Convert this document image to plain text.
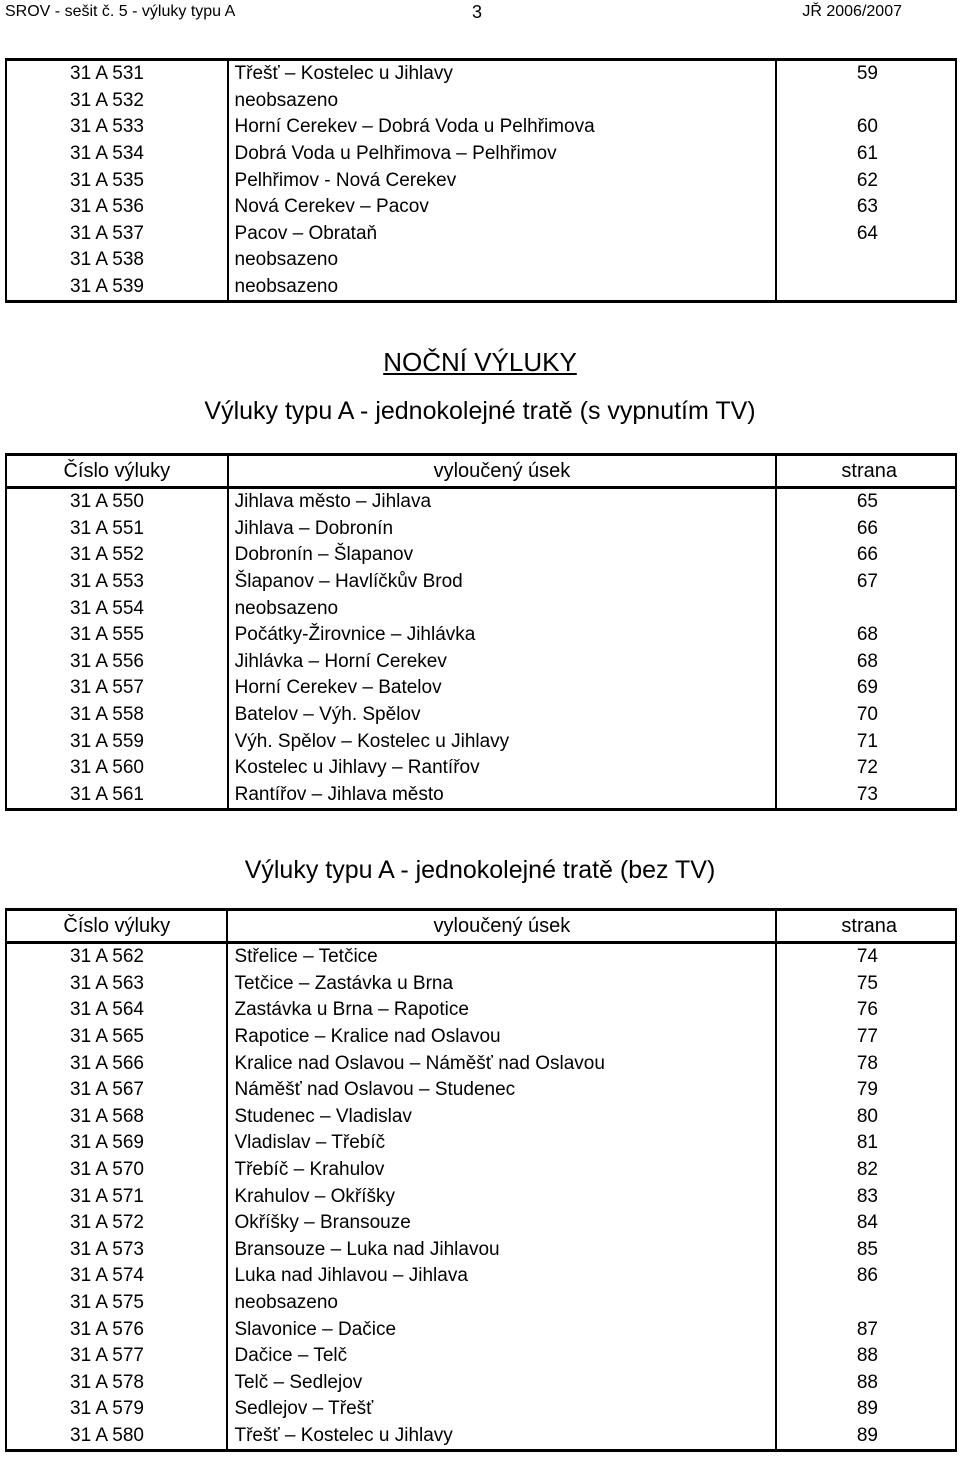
SROV - sešit č. 5 - výluky typu A	3	JŘ 2006/2007
31 A 531	Třešť – Kostelec u Jihlavy	59
31 A 532	neobsazeno	
31 A 533	Horní Cerekev – Dobrá Voda u Pelhřimova	60
31 A 534	Dobrá Voda u Pelhřimova – Pelhřimov	61
31 A 535	Pelhřimov - Nová Cerekev	62
31 A 536	Nová Cerekev – Pacov	63
31 A 537	Pacov – Obrataň	64
31 A 538	neobsazeno	
31 A 539	neobsazeno	
NOČNÍ VÝLUKY
Výluky typu A - jednokolejné tratě (s vypnutím TV)
Číslo výluky	vyloučený úsek	strana
31 A 550	Jihlava město – Jihlava	65
31 A 551	Jihlava – Dobronín	66
31 A 552	Dobronín – Šlapanov	66
31 A 553	Šlapanov – Havlíčkův Brod	67
31 A 554	neobsazeno	
31 A 555	Počátky-Žirovnice – Jihlávka	68
31 A 556	Jihlávka – Horní Cerekev	68
31 A 557	Horní Cerekev – Batelov	69
31 A 558	Batelov – Výh. Spělov	70
31 A 559	Výh. Spělov – Kostelec u Jihlavy	71
31 A 560	Kostelec u Jihlavy – Rantířov	72
31 A 561	Rantířov – Jihlava město	73
Výluky typu A - jednokolejné tratě (bez TV)
Číslo výluky	vyloučený úsek	strana
31 A 562	Střelice – Tetčice	74
31 A 563	Tetčice – Zastávka u Brna	75
31 A 564	Zastávka u Brna – Rapotice	76
31 A 565	Rapotice – Kralice nad Oslavou	77
31 A 566	Kralice nad Oslavou – Náměšť nad Oslavou	78
31 A 567	Náměšť nad Oslavou – Studenec	79
31 A 568	Studenec – Vladislav	80
31 A 569	Vladislav – Třebíč	81
31 A 570	Třebíč – Krahulov	82
31 A 571	Krahulov – Okříšky	83
31 A 572	Okříšky – Bransouze	84
31 A 573	Bransouze – Luka nad Jihlavou	85
31 A 574	Luka nad Jihlavou – Jihlava	86
31 A 575	neobsazeno	
31 A 576	Slavonice – Dačice	87
31 A 577	Dačice – Telč	88
31 A 578	Telč – Sedlejov	88
31 A 579	Sedlejov – Třešť	89
31 A 580	Třešť – Kostelec u Jihlavy	89
